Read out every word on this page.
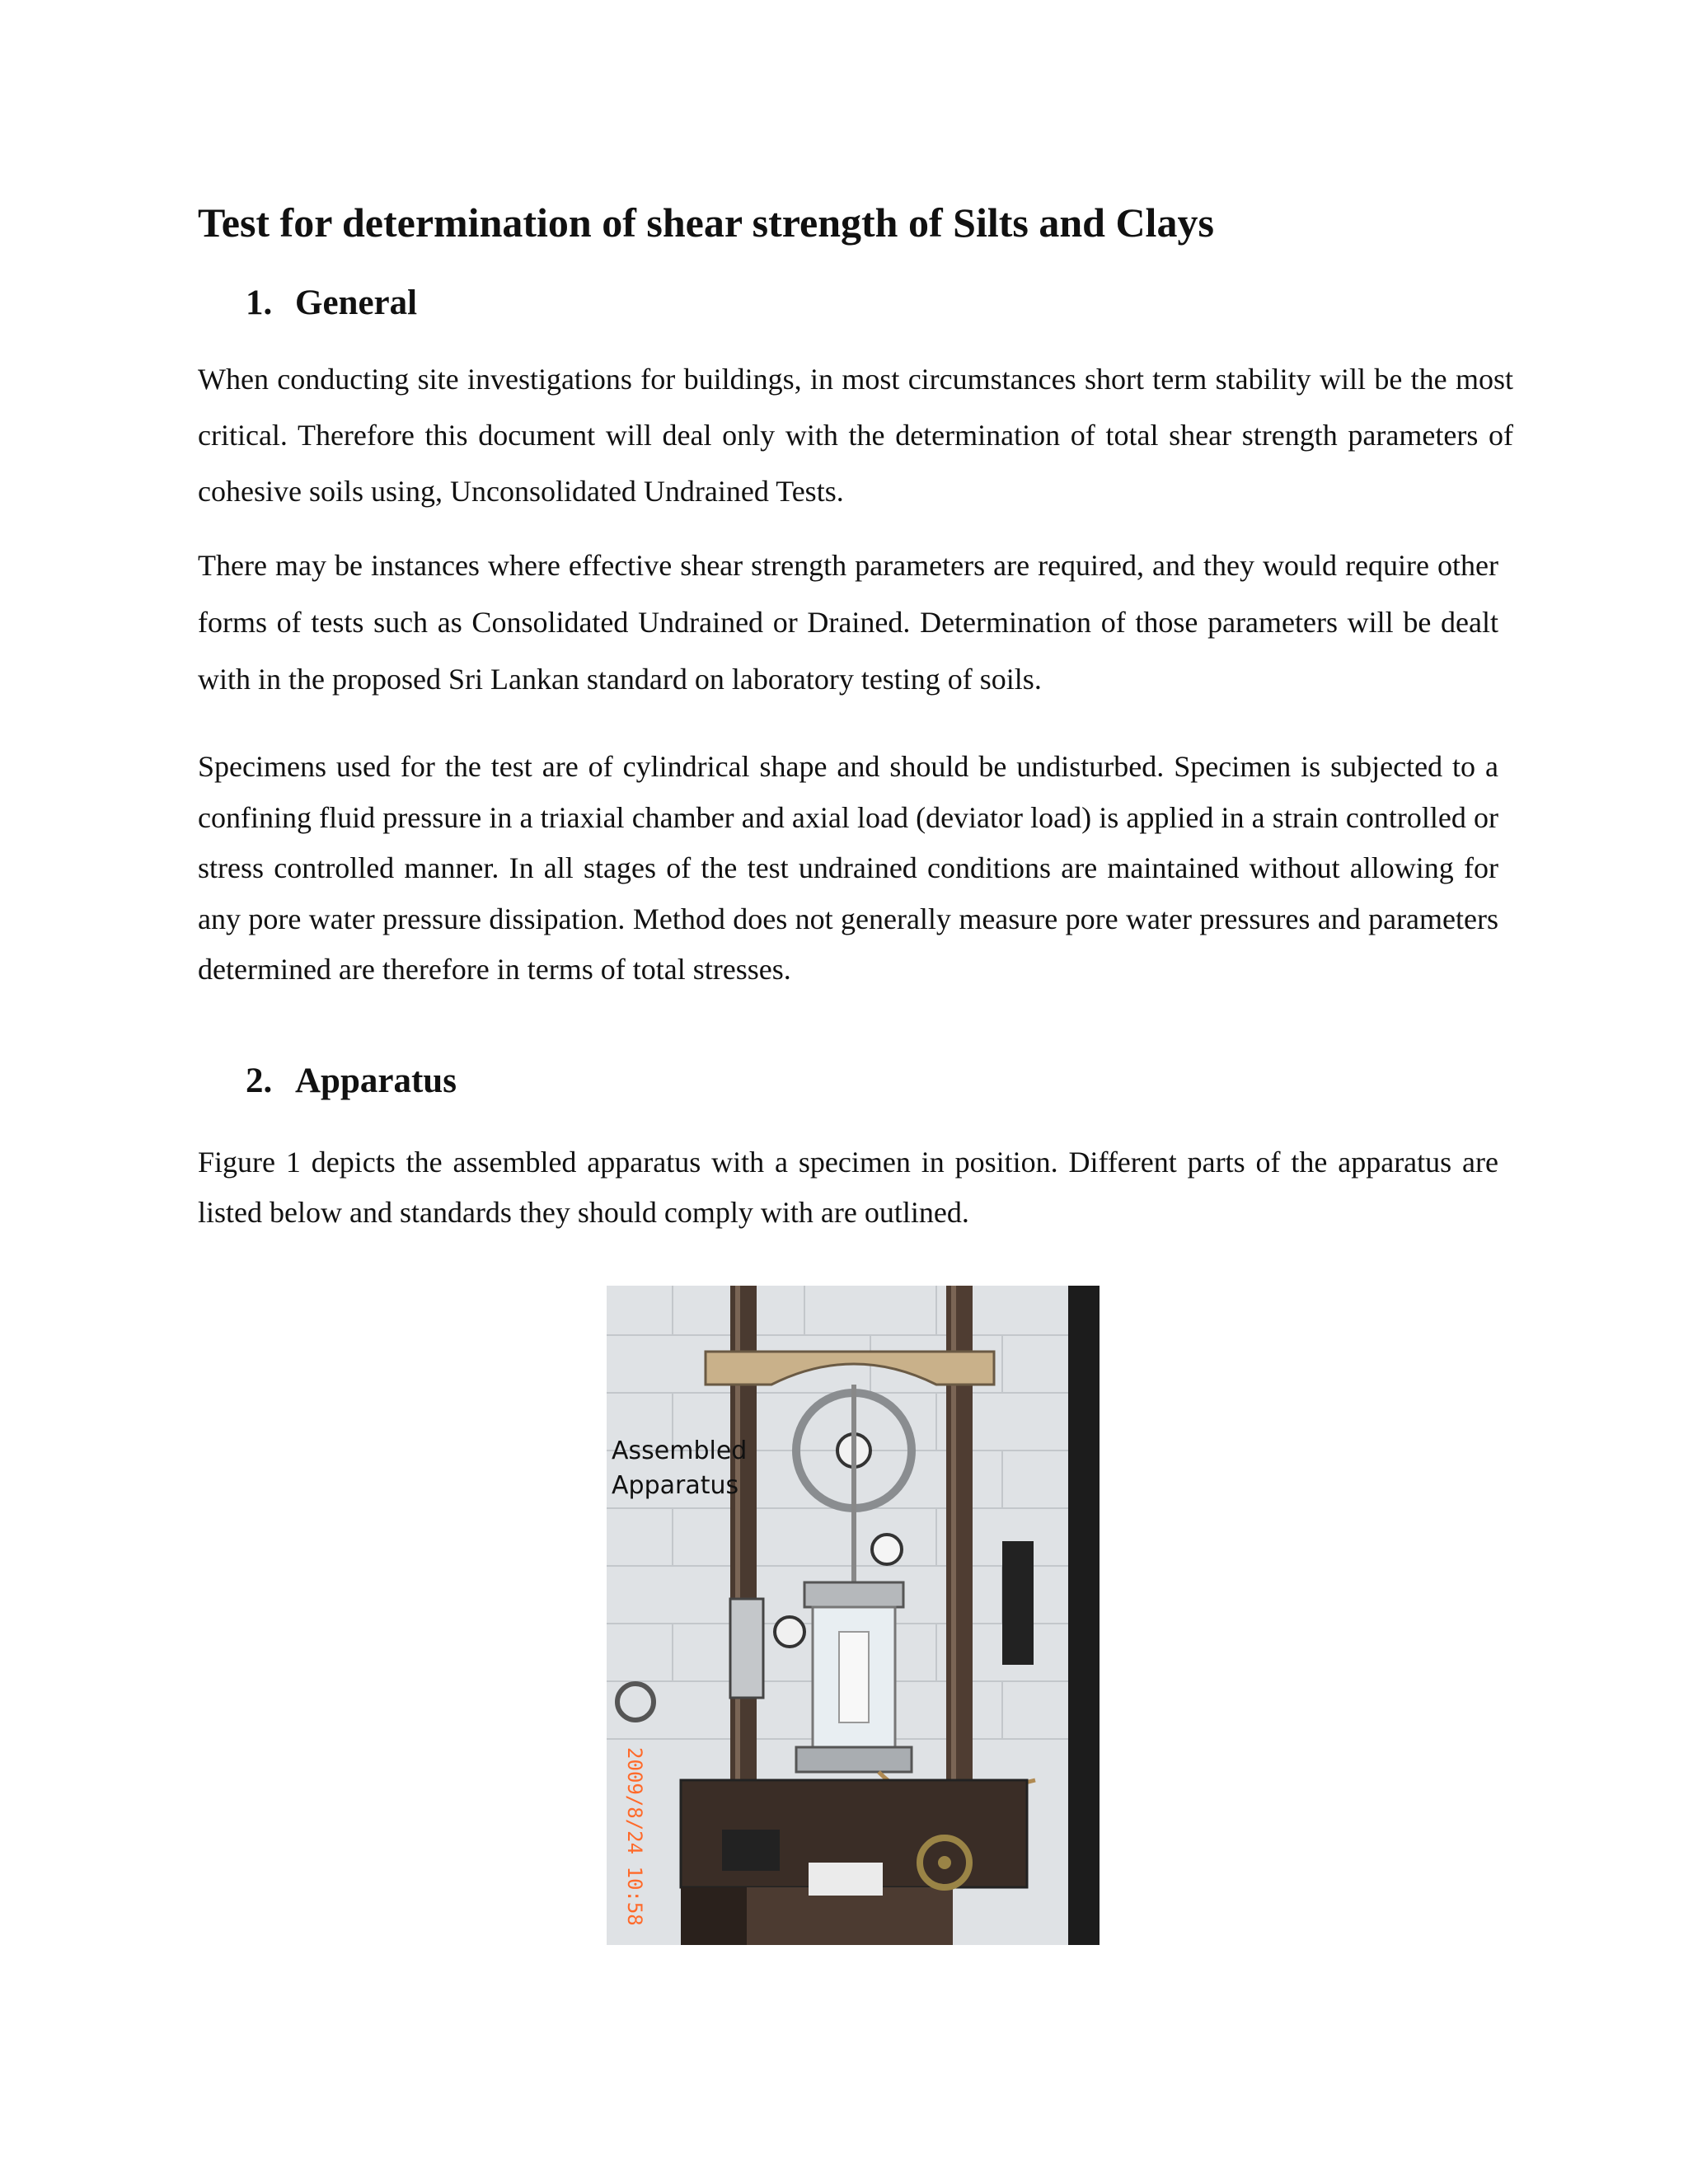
Test for determination of shear strength of Silts and Clays
1. General

When conducting site investigations for buildings, in most circumstances short term stability will be the most critical. Therefore this document will deal only with the determination of total shear strength parameters of cohesive soils using, Unconsolidated Undrained Tests.

There may be instances where effective shear strength parameters are required, and they would require other forms of tests such as Consolidated Undrained or Drained. Determination of those parameters will be dealt with in the proposed Sri Lankan standard on laboratory testing of soils.

Specimens used for the test are of cylindrical shape and should be undisturbed. Specimen is subjected to a confining fluid pressure in a triaxial chamber and axial load (deviator load) is applied in a strain controlled or stress controlled manner. In all stages of the test undrained conditions are maintained without allowing for any pore water pressure dissipation. Method does not generally measure pore water pressures and parameters determined are therefore in terms of total stresses.

2. Apparatus

Figure 1 depicts the assembled apparatus with a specimen in position. Different parts of the apparatus are listed below and standards they should comply with are outlined.

Assembled
Apparatus

2009/8/24 10:58
